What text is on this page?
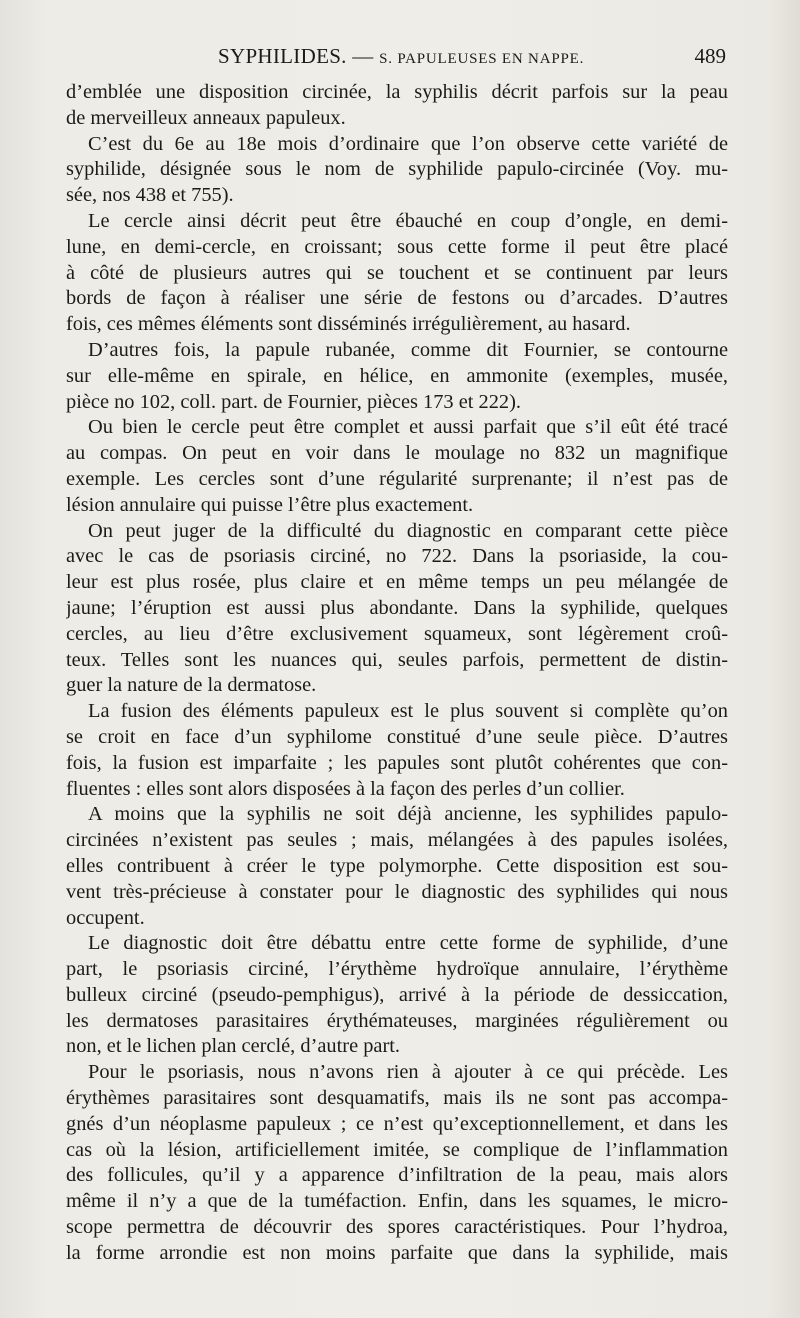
SYPHILIDES. — S. PAPULEUSES EN NAPPE.	489
d’emblée une disposition circinée, la syphilis décrit parfois sur la peau
de merveilleux anneaux papuleux.
C’est du 6e au 18e mois d’ordinaire que l’on observe cette variété de
syphilide, désignée sous le nom de syphilide papulo-circinée (Voy. mu-
sée, nos 438 et 755).
Le cercle ainsi décrit peut être ébauché en coup d’ongle, en demi-
lune, en demi-cercle, en croissant; sous cette forme il peut être placé
à côté de plusieurs autres qui se touchent et se continuent par leurs
bords de façon à réaliser une série de festons ou d’arcades. D’autres
fois, ces mêmes éléments sont disséminés irrégulièrement, au hasard.
D’autres fois, la papule rubanée, comme dit Fournier, se contourne
sur elle-même en spirale, en hélice, en ammonite (exemples, musée,
pièce no 102, coll. part. de Fournier, pièces 173 et 222).
Ou bien le cercle peut être complet et aussi parfait que s’il eût été tracé
au compas. On peut en voir dans le moulage no 832 un magnifique
exemple. Les cercles sont d’une régularité surprenante; il n’est pas de
lésion annulaire qui puisse l’être plus exactement.
On peut juger de la difficulté du diagnostic en comparant cette pièce
avec le cas de psoriasis circiné, no 722. Dans la psoriaside, la cou-
leur est plus rosée, plus claire et en même temps un peu mélangée de
jaune; l’éruption est aussi plus abondante. Dans la syphilide, quelques
cercles, au lieu d’être exclusivement squameux, sont légèrement croû-
teux. Telles sont les nuances qui, seules parfois, permettent de distin-
guer la nature de la dermatose.
La fusion des éléments papuleux est le plus souvent si complète qu’on
se croit en face d’un syphilome constitué d’une seule pièce. D’autres
fois, la fusion est imparfaite ; les papules sont plutôt cohérentes que con-
fluentes : elles sont alors disposées à la façon des perles d’un collier.
A moins que la syphilis ne soit déjà ancienne, les syphilides papulo-
circinées n’existent pas seules ; mais, mélangées à des papules isolées,
elles contribuent à créer le type polymorphe. Cette disposition est sou-
vent très-précieuse à constater pour le diagnostic des syphilides qui nous
occupent.
Le diagnostic doit être débattu entre cette forme de syphilide, d’une
part, le psoriasis circiné, l’érythème hydroïque annulaire, l’érythème
bulleux circiné (pseudo-pemphigus), arrivé à la période de dessiccation,
les dermatoses parasitaires érythémateuses, marginées régulièrement ou
non, et le lichen plan cerclé, d’autre part.
Pour le psoriasis, nous n’avons rien à ajouter à ce qui précède. Les
érythèmes parasitaires sont desquamatifs, mais ils ne sont pas accompa-
gnés d’un néoplasme papuleux ; ce n’est qu’exceptionnellement, et dans les
cas où la lésion, artificiellement imitée, se complique de l’inflammation
des follicules, qu’il y a apparence d’infiltration de la peau, mais alors
même il n’y a que de la tuméfaction. Enfin, dans les squames, le micro-
scope permettra de découvrir des spores caractéristiques. Pour l’hydroa,
la forme arrondie est non moins parfaite que dans la syphilide, mais
